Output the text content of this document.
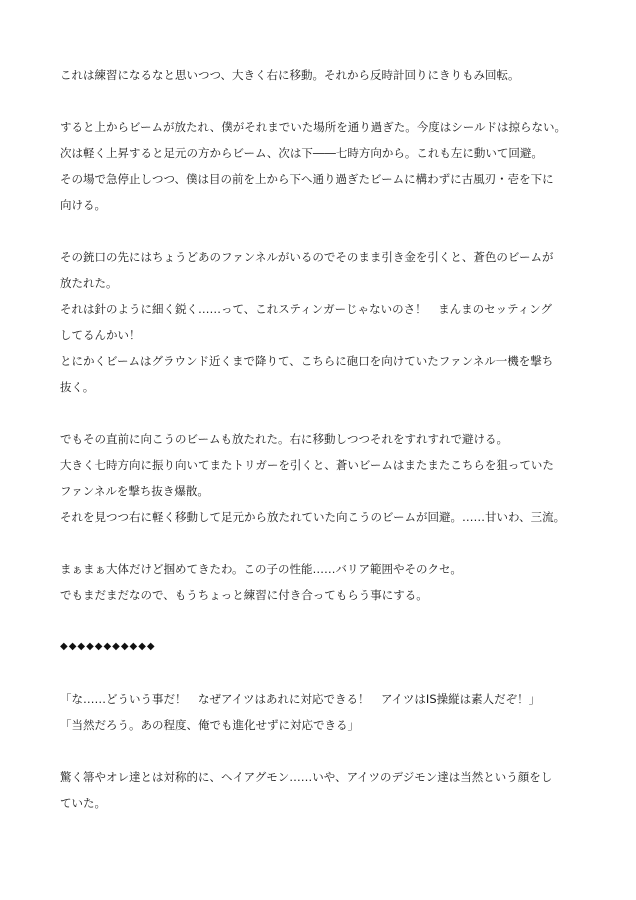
これは練習になるなと思いつつ、大きく右に移動。それから反時計回りにきりもみ回転。
すると上からビームが放たれ、僕がそれまでいた場所を通り過ぎた。今度はシールドは掠らない。
次は軽く上昇すると足元の方からビーム、次は下――七時方向から。これも左に動いて回避。
その場で急停止しつつ、僕は目の前を上から下へ通り過ぎたビームに構わずに古風刃・壱を下に
向ける。
その銃口の先にはちょうどあのファンネルがいるのでそのまま引き金を引くと、蒼色のビームが
放たれた。
それは針のように細く鋭く……って、これスティンガーじゃないのさ！　まんまのセッティング
してるんかい！
とにかくビームはグラウンド近くまで降りて、こちらに砲口を向けていたファンネル一機を撃ち
抜く。
でもその直前に向こうのビームも放たれた。右に移動しつつそれをすれすれで避ける。
大きく七時方向に振り向いてまたトリガーを引くと、蒼いビームはまたまたこちらを狙っていた
ファンネルを撃ち抜き爆散。
それを見つつ右に軽く移動して足元から放たれていた向こうのビームが回避。……甘いわ、三流。
まぁまぁ大体だけど掴めてきたわ。この子の性能……バリア範囲やそのクセ。
でもまだまだなので、もうちょっと練習に付き合ってもらう事にする。
◆◆◆◆◆◆◆◆◆◆◆
「な……どういう事だ！　なぜアイツはあれに対応できる！　アイツはIS操縦は素人だぞ！」
「当然だろう。あの程度、俺でも進化せずに対応できる」
驚く箒やオレ達とは対称的に、ヘイアグモン……いや、アイツのデジモン達は当然という顔をし
ていた。
